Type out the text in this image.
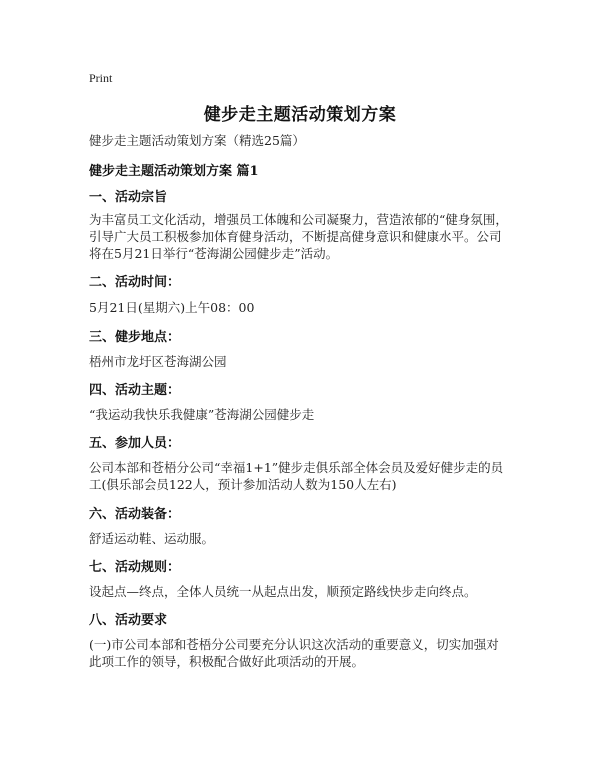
Print
健步走主题活动策划方案
健步走主题活动策划方案（精选25篇）
健步走主题活动策划方案 篇1
一、活动宗旨
为丰富员工文化活动，增强员工体魄和公司凝聚力，营造浓郁的“健身氛围，引导广大员工积极参加体育健身活动，不断提高健身意识和健康水平。公司将在5月21日举行“苍海湖公园健步走”活动。
二、活动时间：
5月21日(星期六)上午08：00
三、健步地点：
梧州市龙圩区苍海湖公园
四、活动主题：
“我运动我快乐我健康”苍海湖公园健步走
五、参加人员：
公司本部和苍梧分公司“幸福1+1”健步走俱乐部全体会员及爱好健步走的员工(俱乐部会员122人，预计参加活动人数为150人左右)
六、活动装备：
舒适运动鞋、运动服。
七、活动规则：
设起点—终点，全体人员统一从起点出发，顺预定路线快步走向终点。
八、活动要求
(一)市公司本部和苍梧分公司要充分认识这次活动的重要意义，切实加强对此项工作的领导，积极配合做好此项活动的开展。
